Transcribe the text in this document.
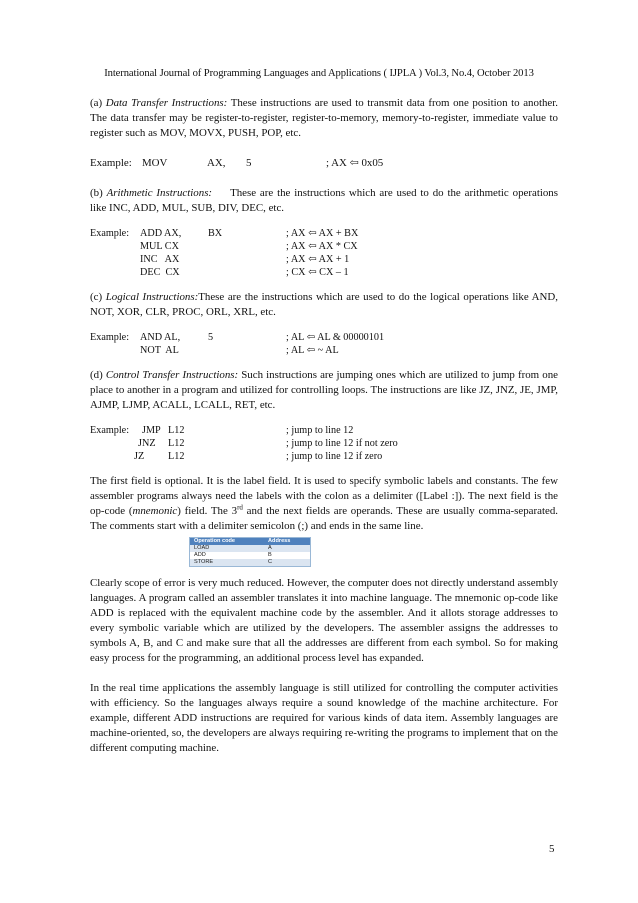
International Journal of Programming Languages and Applications ( IJPLA ) Vol.3, No.4, October 2013

(a) Data Transfer Instructions: These instructions are used to transmit data from one position to another. The data transfer may be register-to-register, register-to-memory, memory-to-register, immediate value to register such as MOV, MOVX, PUSH, POP, etc.

Example: MOV	AX, 5	; AX ⇦ 0x05

(b) Arithmetic Instructions: These are the instructions which are used to do the arithmetic operations like INC, ADD, MUL, SUB, DIV, DEC, etc.

Example: ADD AX,	BX	; AX ⇦ AX + BX
MUL CX	; AX ⇦ AX * CX
INC   AX	; AX ⇦ AX + 1
DEC  CX	; CX ⇦ CX – 1

(c) Logical Instructions:These are the instructions which are used to do the logical operations like AND, NOT, XOR, CLR, PROC, ORL, XRL, etc.

Example: AND AL,	5	; AL ⇦ AL & 00000101
NOT  AL	; AL ⇦ ~ AL

(d) Control Transfer Instructions: Such instructions are jumping ones which are utilized to jump from one place to another in a program and utilized for controlling loops. The instructions are like JZ, JNZ, JE, JMP, AJMP, LJMP, ACALL, LCALL, RET, etc.

Example: JMP L12	; jump to line 12
JNZ L12	; jump to line 12 if not zero
JZ L12	; jump to line 12 if zero

The first field is optional. It is the label field. It is used to specify symbolic labels and constants. The few assembler programs always need the labels with the colon as a delimiter ([Label :]). The next field is the op-code (mnemonic) field. The 3rd and the next fields are operands. These are usually comma-separated. The comments start with a delimiter semicolon (;) and ends in the same line.

Operation code	Address
LOAD	A
ADD	B
STORE	C

Clearly scope of error is very much reduced. However, the computer does not directly understand assembly languages. A program called an assembler translates it into machine language. The mnemonic op-code like ADD is replaced with the equivalent machine code by the assembler. And it allots storage addresses to every symbolic variable which are utilized by the developers. The assembler assigns the addresses to symbols A, B, and C and make sure that all the addresses are different from each symbol. So for making easy process for the programming, an additional process level has expanded.

In the real time applications the assembly language is still utilized for controlling the computer activities with efficiency. So the languages always require a sound knowledge of the machine architecture. For example, different ADD instructions are required for various kinds of data item. Assembly languages are machine-oriented, so, the developers are always requiring re-writing the programs to implement that on the different computing machine.

5
